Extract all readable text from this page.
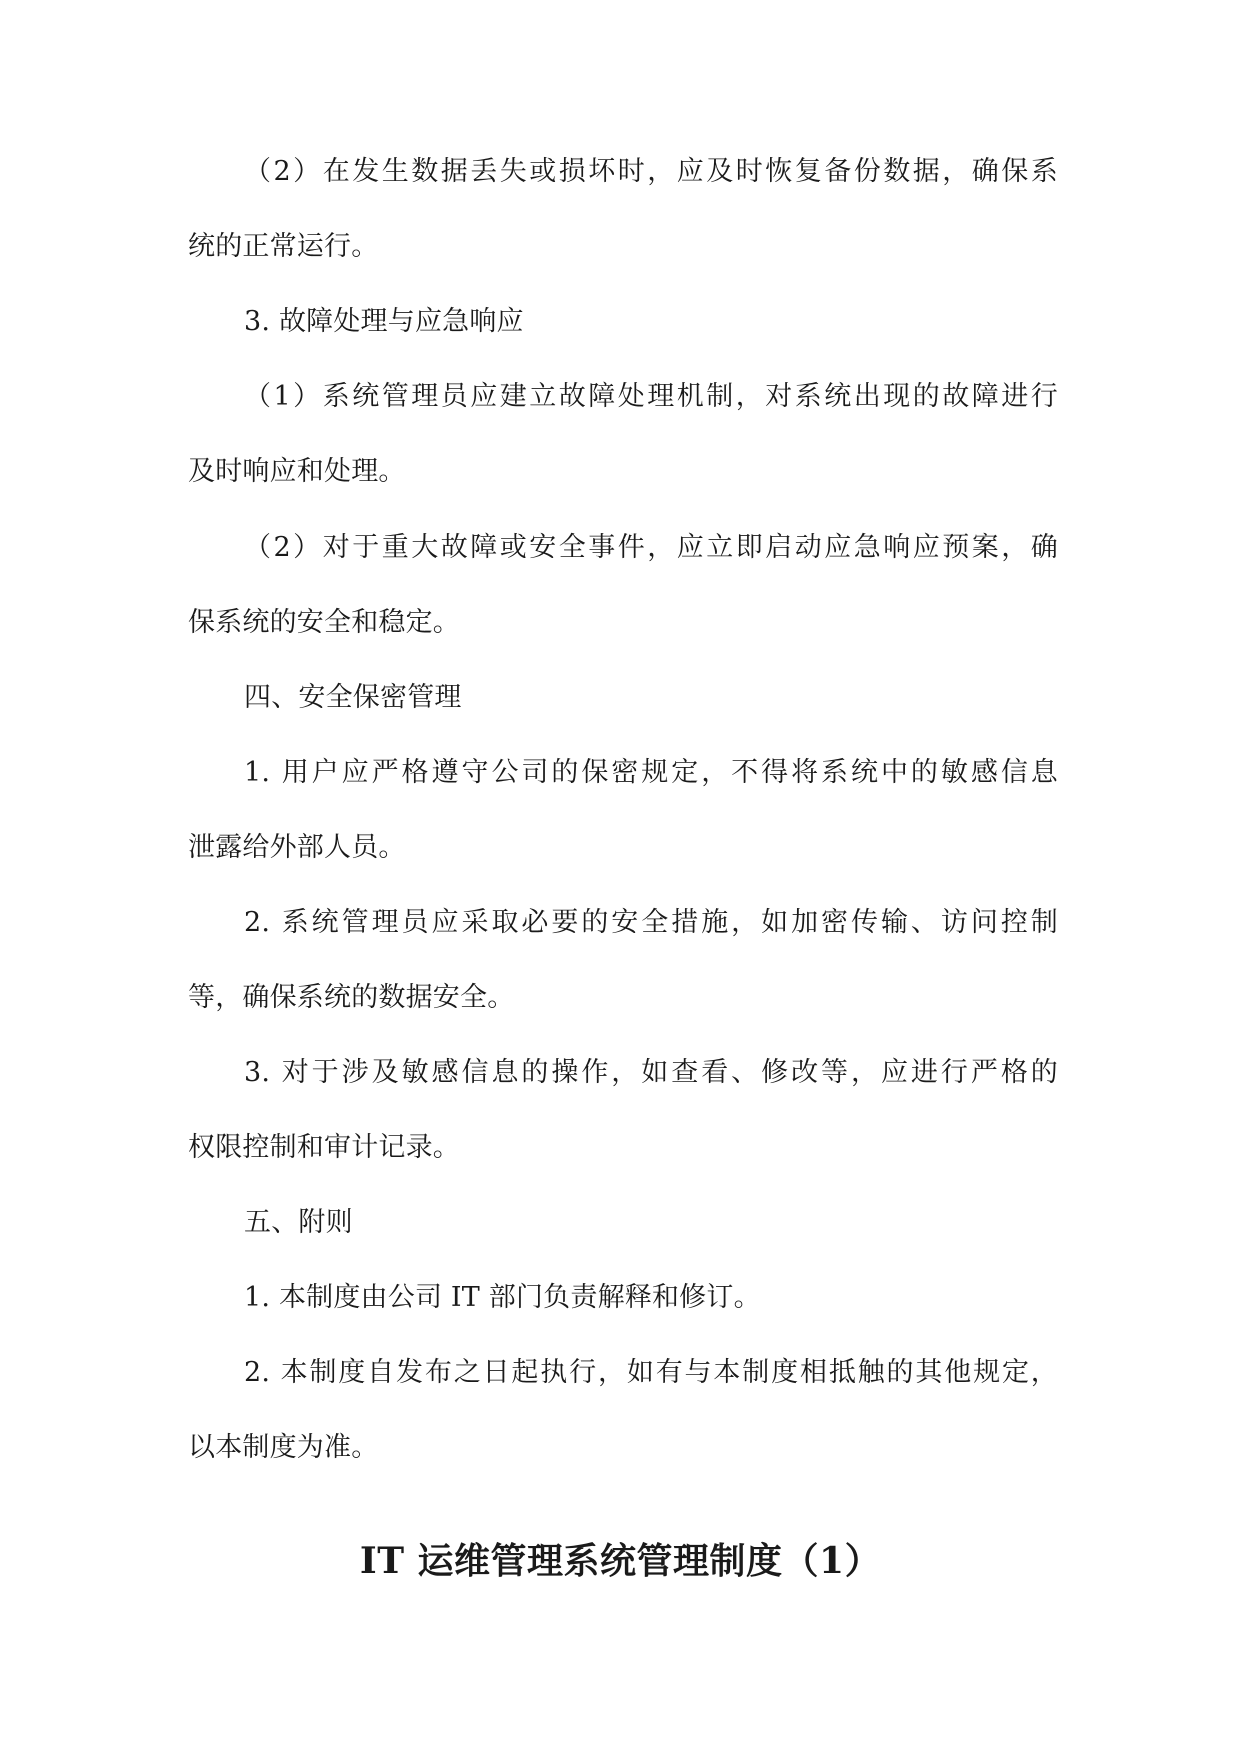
（2）在发生数据丢失或损坏时，应及时恢复备份数据，确保系
统的正常运行。
3. 故障处理与应急响应
（1）系统管理员应建立故障处理机制，对系统出现的故障进行
及时响应和处理。
（2）对于重大故障或安全事件，应立即启动应急响应预案，确
保系统的安全和稳定。
四、安全保密管理
1. 用户应严格遵守公司的保密规定，不得将系统中的敏感信息
泄露给外部人员。
2. 系统管理员应采取必要的安全措施，如加密传输、访问控制
等，确保系统的数据安全。
3. 对于涉及敏感信息的操作，如查看、修改等，应进行严格的
权限控制和审计记录。
五、附则
1. 本制度由公司 IT 部门负责解释和修订。
2. 本制度自发布之日起执行，如有与本制度相抵触的其他规定，
以本制度为准。
IT 运维管理系统管理制度（1）
